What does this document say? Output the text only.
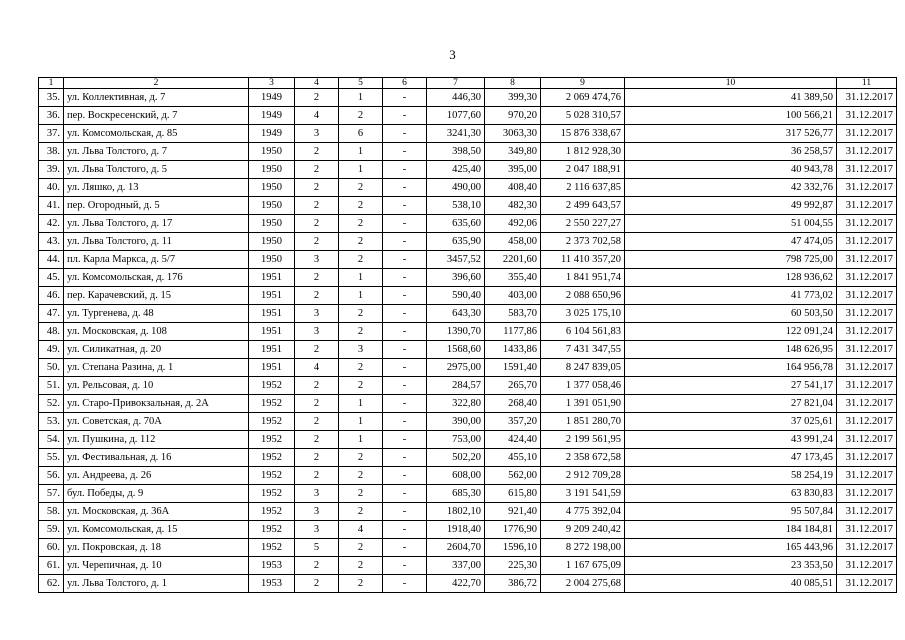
3
1	2	3	4	5	6	7	8	9	10	11
35.	ул. Коллективная, д. 7	1949	2	1	-	446,30	399,30	2 069 474,76	41 389,50	31.12.2017
36.	пер. Воскресенский, д. 7	1949	4	2	-	1077,60	970,20	5 028 310,57	100 566,21	31.12.2017
37.	ул. Комсомольская, д. 85	1949	3	6	-	3241,30	3063,30	15 876 338,67	317 526,77	31.12.2017
38.	ул. Льва Толстого, д. 7	1950	2	1	-	398,50	349,80	1 812 928,30	36 258,57	31.12.2017
39.	ул. Льва Толстого, д. 5	1950	2	1	-	425,40	395,00	2 047 188,91	40 943,78	31.12.2017
40.	ул. Ляшко, д. 13	1950	2	2	-	490,00	408,40	2 116 637,85	42 332,76	31.12.2017
41.	пер. Огородный, д. 5	1950	2	2	-	538,10	482,30	2 499 643,57	49 992,87	31.12.2017
42.	ул. Льва Толстого, д. 17	1950	2	2	-	635,60	492,06	2 550 227,27	51 004,55	31.12.2017
43.	ул. Льва Толстого, д. 11	1950	2	2	-	635,90	458,00	2 373 702,58	47 474,05	31.12.2017
44.	пл. Карла Маркса, д. 5/7	1950	3	2	-	3457,52	2201,60	11 410 357,20	798 725,00	31.12.2017
45.	ул. Комсомольская, д. 176	1951	2	1	-	396,60	355,40	1 841 951,74	128 936,62	31.12.2017
46.	пер. Карачевский, д. 15	1951	2	1	-	590,40	403,00	2 088 650,96	41 773,02	31.12.2017
47.	ул. Тургенева, д. 48	1951	3	2	-	643,30	583,70	3 025 175,10	60 503,50	31.12.2017
48.	ул. Московская, д. 108	1951	3	2	-	1390,70	1177,86	6 104 561,83	122 091,24	31.12.2017
49.	ул. Силикатная, д. 20	1951	2	3	-	1568,60	1433,86	7 431 347,55	148 626,95	31.12.2017
50.	ул. Степана Разина, д. 1	1951	4	2	-	2975,00	1591,40	8 247 839,05	164 956,78	31.12.2017
51.	ул. Рельсовая, д. 10	1952	2	2	-	284,57	265,70	1 377 058,46	27 541,17	31.12.2017
52.	ул. Старо-Привокзальная, д. 2А	1952	2	1	-	322,80	268,40	1 391 051,90	27 821,04	31.12.2017
53.	ул. Советская, д. 70А	1952	2	1	-	390,00	357,20	1 851 280,70	37 025,61	31.12.2017
54.	ул. Пушкина, д. 112	1952	2	1	-	753,00	424,40	2 199 561,95	43 991,24	31.12.2017
55.	ул. Фестивальная, д. 16	1952	2	2	-	502,20	455,10	2 358 672,58	47 173,45	31.12.2017
56.	ул. Андреева, д. 26	1952	2	2	-	608,00	562,00	2 912 709,28	58 254,19	31.12.2017
57.	бул. Победы, д. 9	1952	3	2	-	685,30	615,80	3 191 541,59	63 830,83	31.12.2017
58.	ул. Московская, д. 36А	1952	3	2	-	1802,10	921,40	4 775 392,04	95 507,84	31.12.2017
59.	ул. Комсомольская, д. 15	1952	3	4	-	1918,40	1776,90	9 209 240,42	184 184,81	31.12.2017
60.	ул. Покровская, д. 18	1952	5	2	-	2604,70	1596,10	8 272 198,00	165 443,96	31.12.2017
61.	ул. Черепичная, д. 10	1953	2	2	-	337,00	225,30	1 167 675,09	23 353,50	31.12.2017
62.	ул. Льва Толстого, д. 1	1953	2	2	-	422,70	386,72	2 004 275,68	40 085,51	31.12.2017
